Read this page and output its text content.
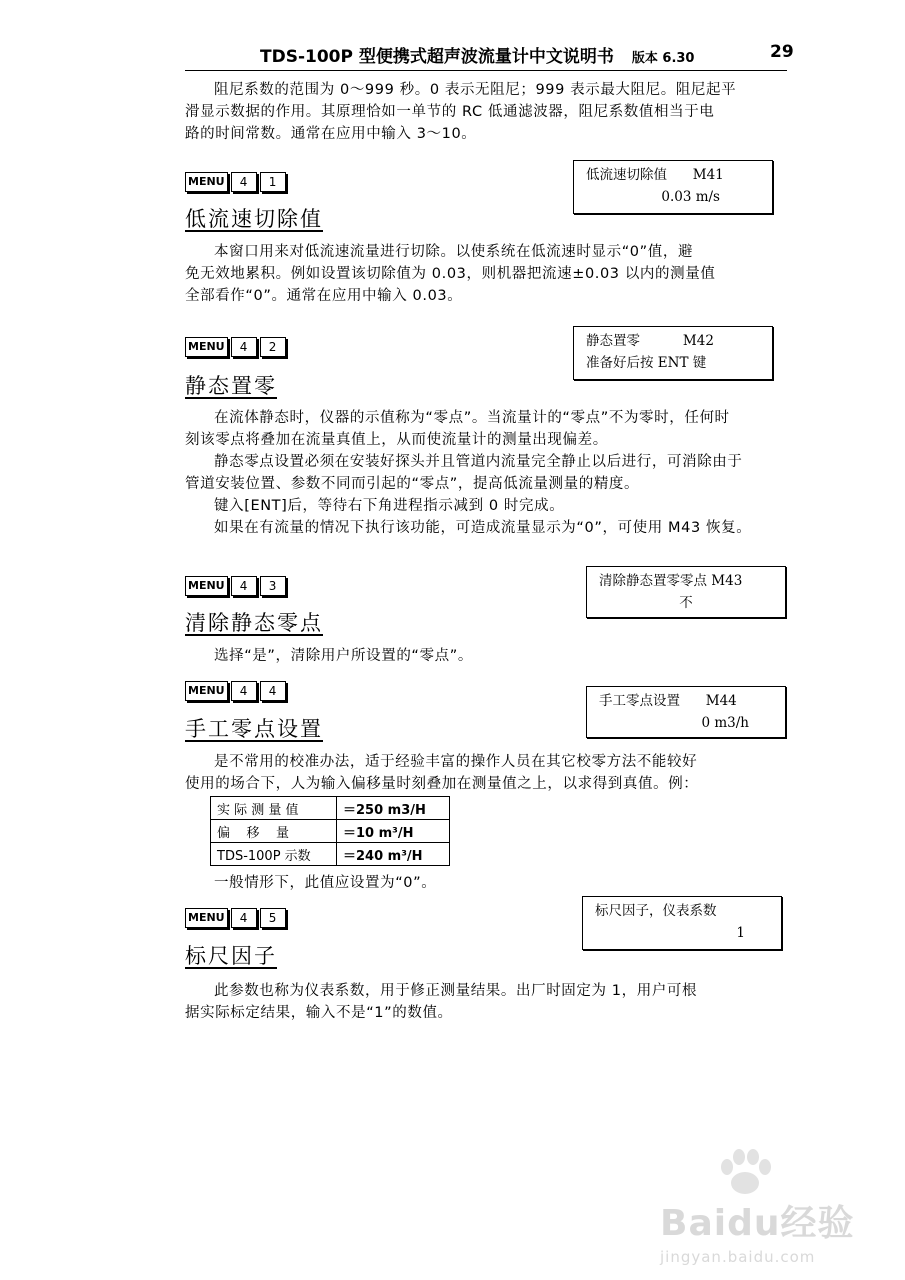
TDS-100P 型便携式超声波流量计中文说明书 版本 6.30	29
阻尼系数的范围为 0～999 秒。0 表示无阻尼；999 表示最大阻尼。阻尼起平
滑显示数据的作用。其原理恰如一单节的 RC 低通滤波器，阻尼系数值相当于电
路的时间常数。通常在应用中输入 3～10。
MENU	4	1	低流速切除值      M41
0.03 m/s
低流速切除值
本窗口用来对低流速流量进行切除。以使系统在低流速时显示“0”值，避
免无效地累积。例如设置该切除值为 0.03，则机器把流速±0.03 以内的测量值
全部看作“0”。通常在应用中输入 0.03。
MENU	4	2	静态置零          M42
准备好后按 ENT 键
静态置零
在流体静态时，仪器的示值称为“零点”。当流量计的“零点”不为零时，任何时
刻该零点将叠加在流量真值上，从而使流量计的测量出现偏差。
静态零点设置必须在安装好探头并且管道内流量完全静止以后进行，可消除由于
管道安装位置、参数不同而引起的“零点”，提高低流量测量的精度。
键入[ENT]后，等待右下角进程指示减到 0 时完成。
如果在有流量的情况下执行该功能，可造成流量显示为“0”，可使用 M43 恢复。
MENU	4	3	清除静态置零零点 M43
不
清除静态零点
选择“是”，清除用户所设置的“零点”。
MENU	4	4
手工零点设置      M44
0 m3/h
手工零点设置
是不常用的校准办法，适于经验丰富的操作人员在其它校零方法不能较好
使用的场合下，人为输入偏移量时刻叠加在测量值之上，以求得到真值。例：
实 际 测 量 值	＝250 m3/H
偏    移    量	＝10 m³/H
TDS-100P 示数	＝240 m³/H
一般情形下，此值应设置为“0”。
MENU	4	5	标尺因子，仪表系数
1
标尺因子
此参数也称为仪表系数，用于修正测量结果。出厂时固定为 1，用户可根
据实际标定结果，输入不是“1”的数值。
Baidu经验
jingyan.baidu.com
